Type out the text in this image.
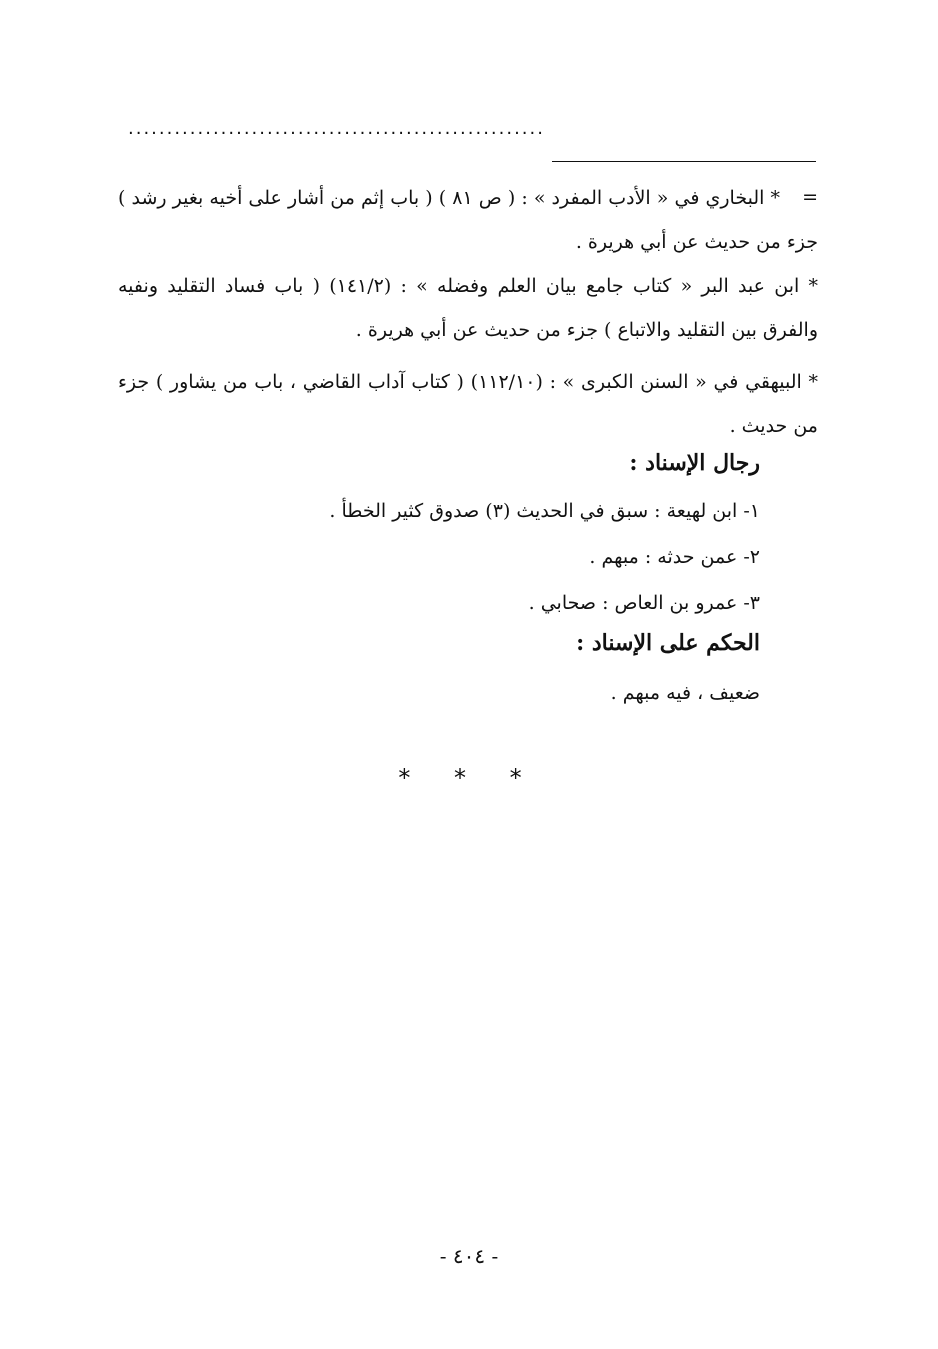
......................................................
=
* البخاري في « الأدب المفرد » : ( ص ٨١ ) ( باب إثم من أشار على أخيه بغير رشد ) جزء من حديث عن أبي هريرة .
* ابن عبد البر « كتاب جامع بيان العلم وفضله » : (١٤١/٢) ( باب فساد التقليد ونفيه والفرق بين التقليد والاتباع ) جزء من حديث عن أبي هريرة .
* البيهقي في « السنن الكبرى » : (١١٢/١٠) ( كتاب آداب القاضي ، باب من يشاور ) جزء من حديث .
رجال الإسناد :
١- ابن لهيعة : سبق في الحديث (٣) صدوق كثير الخطأ .
٢- عمن حدثه : مبهم .
٣- عمرو بن العاص : صحابي .
الحكم على الإسناد :
ضعيف ، فيه مبهم .
* * *
- ٤٠٤ -
